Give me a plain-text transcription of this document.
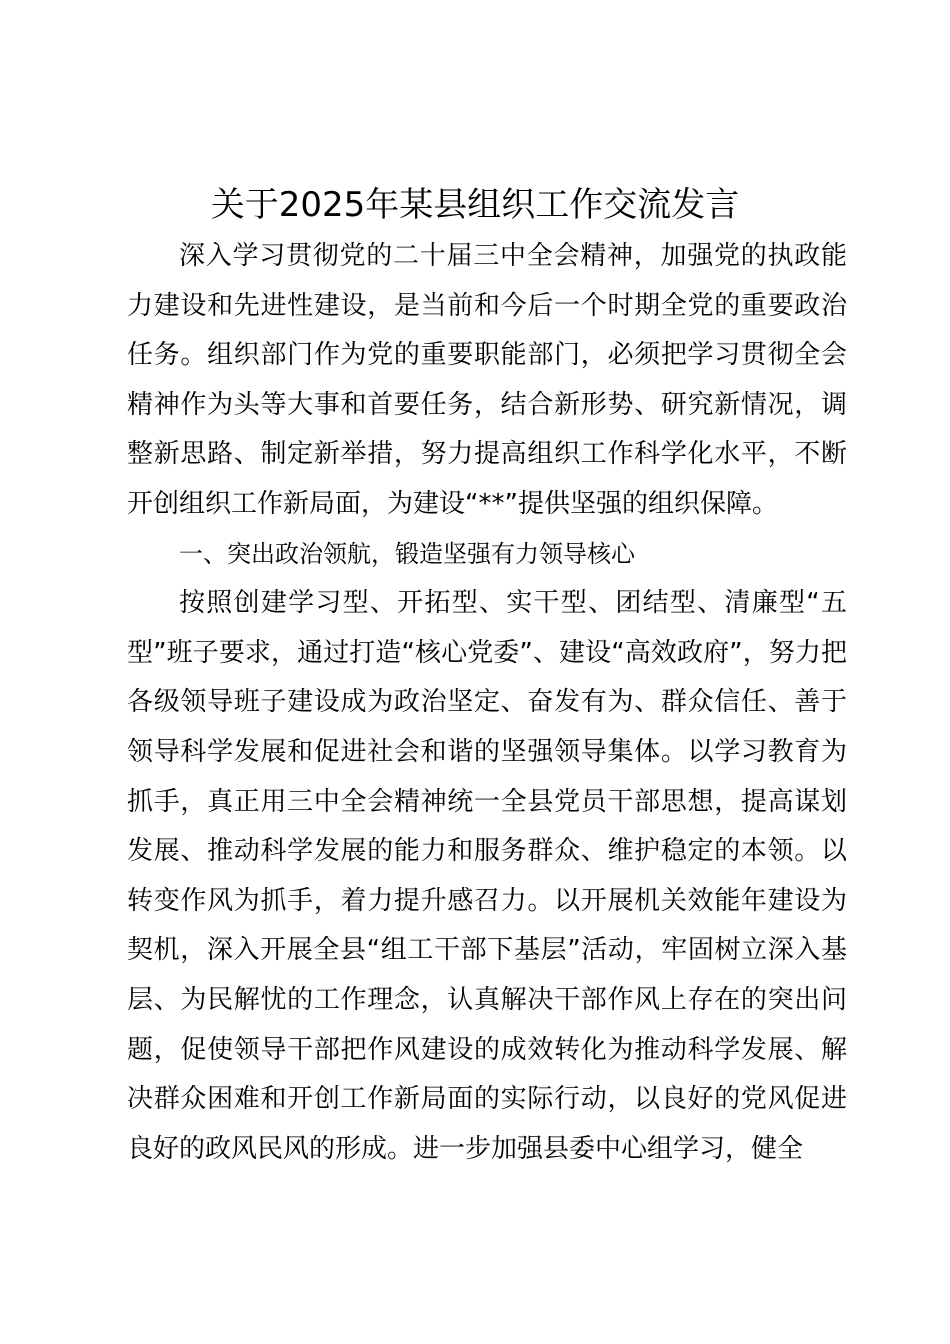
关于2025年某县组织工作交流发言

深入学习贯彻党的二十届三中全会精神，加强党的执政能力建设和先进性建设，是当前和今后一个时期全党的重要政治任务。组织部门作为党的重要职能部门，必须把学习贯彻全会精神作为头等大事和首要任务，结合新形势、研究新情况，调整新思路、制定新举措，努力提高组织工作科学化水平，不断开创组织工作新局面，为建设“**”提供坚强的组织保障。

一、突出政治领航，锻造坚强有力领导核心

按照创建学习型、开拓型、实干型、团结型、清廉型“五型”班子要求，通过打造“核心党委”、建设“高效政府”，努力把各级领导班子建设成为政治坚定、奋发有为、群众信任、善于领导科学发展和促进社会和谐的坚强领导集体。以学习教育为抓手，真正用三中全会精神统一全县党员干部思想，提高谋划发展、推动科学发展的能力和服务群众、维护稳定的本领。以转变作风为抓手，着力提升感召力。以开展机关效能年建设为契机，深入开展全县“组工干部下基层”活动，牢固树立深入基层、为民解忧的工作理念，认真解决干部作风上存在的突出问题，促使领导干部把作风建设的成效转化为推动科学发展、解决群众困难和开创工作新局面的实际行动，以良好的党风促进良好的政风民风的形成。进一步加强县委中心组学习，健全
